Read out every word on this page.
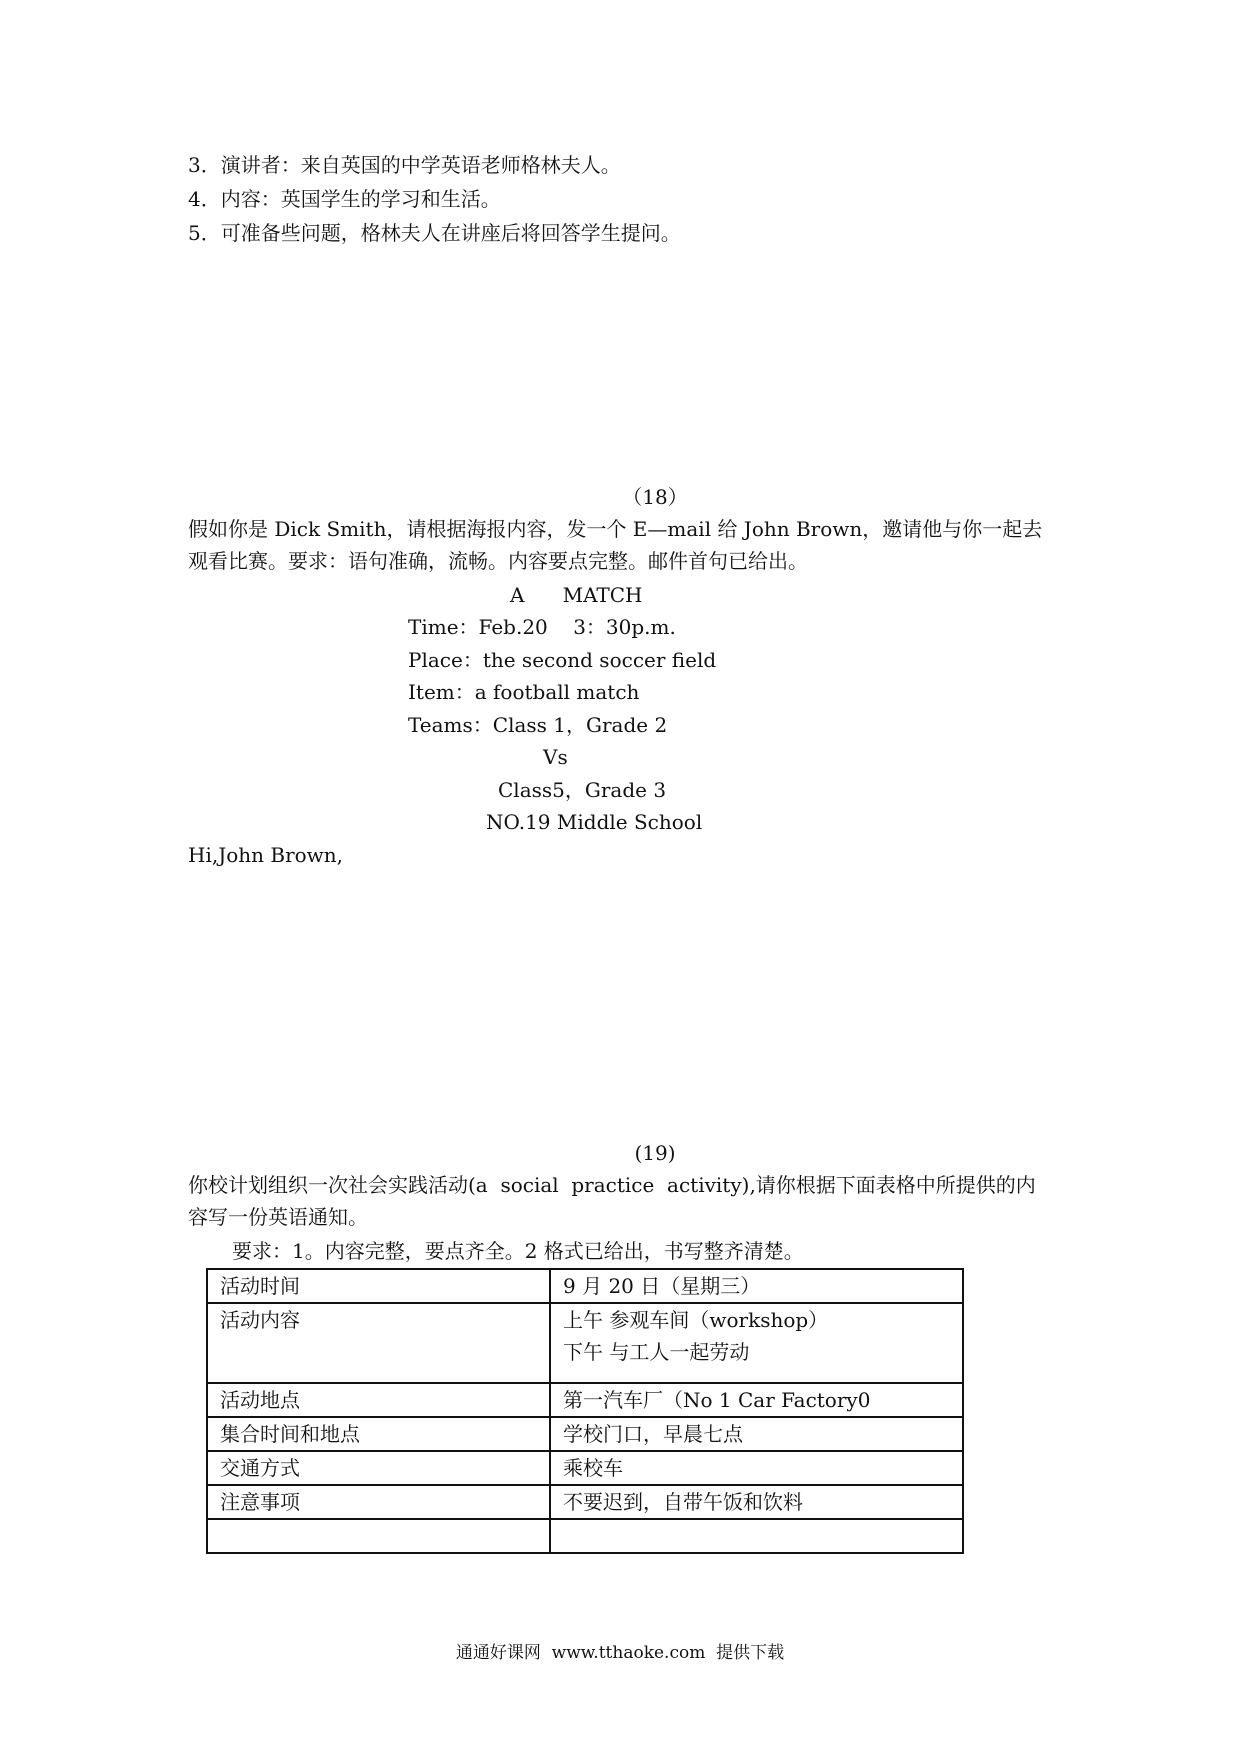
3．演讲者：来自英国的中学英语老师格林夫人。
4．内容：英国学生的学习和生活。
5．可准备些问题，格林夫人在讲座后将回答学生提问。
（18）
假如你是 Dick Smith，请根据海报内容，发一个 E—mail 给 John Brown，邀请他与你一起去
观看比赛。要求：语句准确，流畅。内容要点完整。邮件首句已给出。
A      MATCH
Time：Feb.20    3：30p.m.
Place：the second soccer field
Item：a football match
Teams：Class 1，Grade 2
Vs
Class5，Grade 3
NO.19 Middle School
Hi,John Brown,
(19)
你校计划组织一次社会实践活动(a  social  practice  activity),请你根据下面表格中所提供的内
容写一份英语通知。
要求：1。内容完整，要点齐全。2 格式已给出，书写整齐清楚。
活动时间	9 月 20 日（星期三）

活动内容	上午 参观车间（workshop）
下午 与工人一起劳动

活动地点	第一汽车厂（No 1 Car Factory0

集合时间和地点	学校门口，早晨七点

交通方式	乘校车

注意事项	不要迟到，自带午饭和饮料

通通好课网  www.tthaoke.com  提供下载
